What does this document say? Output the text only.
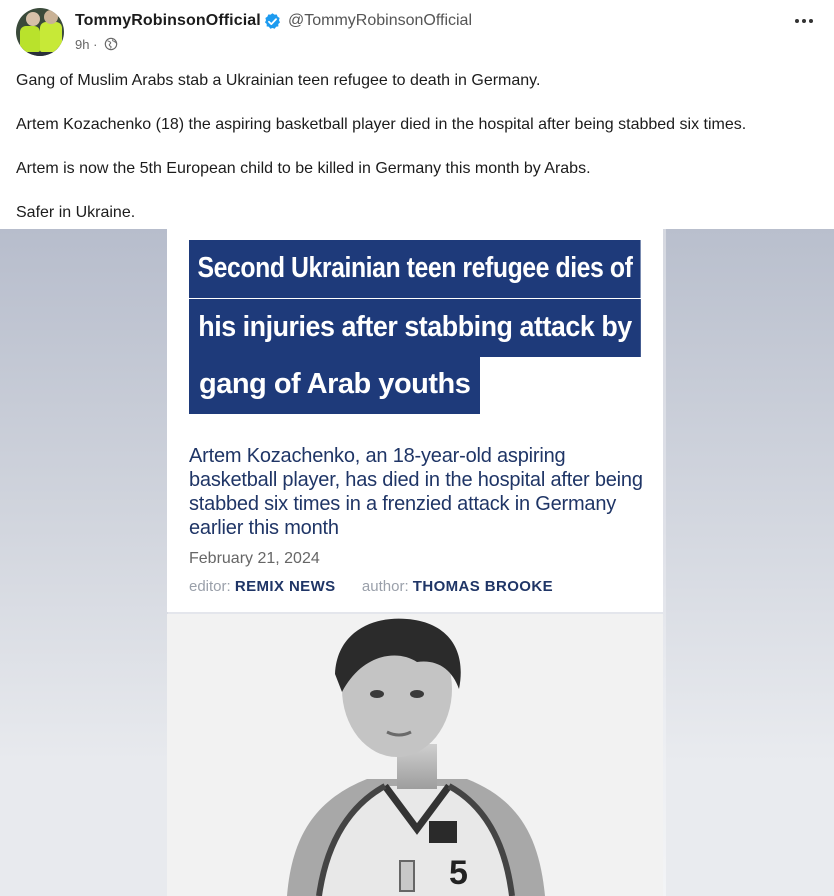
TommyRobinsonOfficial @TommyRobinsonOfficial
9h ·

Gang of Muslim Arabs stab a Ukrainian teen refugee to death in Germany.

Artem Kozachenko (18) the aspiring basketball player died in the hospital after being stabbed six times.

Artem is now the 5th European child to be killed in Germany this month by Arabs.

Safer in Ukraine.

Second Ukrainian teen refugee dies of
his injuries after stabbing attack by
gang of Arab youths
Artem Kozachenko, an 18-year-old aspiring basketball player, has died in the hospital after being stabbed six times in a frenzied attack in Germany earlier this month
February 21, 2024
editor: REMIX NEWS author: THOMAS BROOKE
5
